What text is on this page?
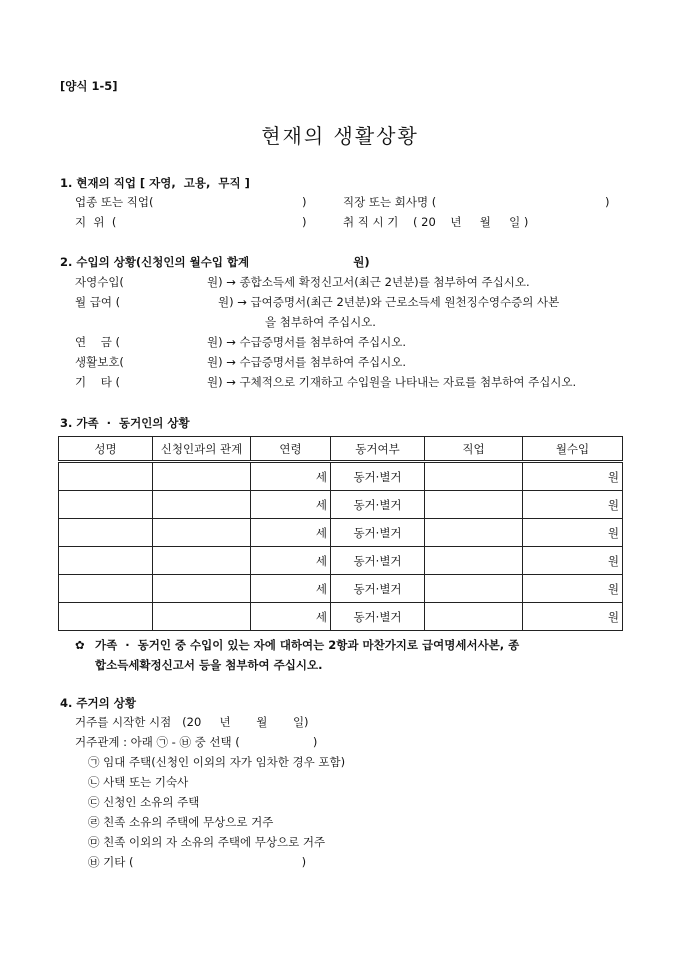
[양식 1-5]
현재의 생활상황
1. 현재의 직업 [ 자영,  고용,  무직 ]
업종 또는 직업(	)	직장 또는 회사명 (	)
지  위  (	)	취 직 시 기 ( 20    년     월     일 )
2. 수입의 상황(신청인의 월수입 합계                          원)
자영수입(	원) → 종합소득세 확정신고서(최근 2년분)를 첨부하여 주십시오.
월 급여 (	원) → 급여증명서(최근 2년분)와 근로소득세 원천징수영수증의 사본
을 첨부하여 주십시오.
연    금 (	원) → 수급증명서를 첨부하여 주십시오.
생활보호(	원) → 수급증명서를 첨부하여 주십시오.
기    타 (	원) → 구체적으로 기재하고 수입원을 나타내는 자료를 첨부하여 주십시오.
3. 가족  ·  동거인의 상황
성명	신청인과의 관계	연령	동거여부	직업	월수입
		세	동거·별거		원
		세	동거·별거		원
		세	동거·별거		원
		세	동거·별거		원
		세	동거·별거		원
		세	동거·별거		원
✿ 가족  ·  동거인 중 수입이 있는 자에 대하여는 2항과 마찬가지로 급여명세서사본, 종
합소득세확정신고서 등을 첨부하여 주십시오.
4. 주거의 상황
거주를 시작한 시점   (20     년       월       일)
거주관계 : 아래 ㉠ - ㉥ 중 선택 (                    )
㉠ 임대 주택(신청인 이외의 자가 임차한 경우 포함)
㉡ 사택 또는 기숙사
㉢ 신청인 소유의 주택
㉣ 친족 소유의 주택에 무상으로 거주
㉤ 친족 이외의 자 소유의 주택에 무상으로 거주
㉥ 기타 (                                              )
